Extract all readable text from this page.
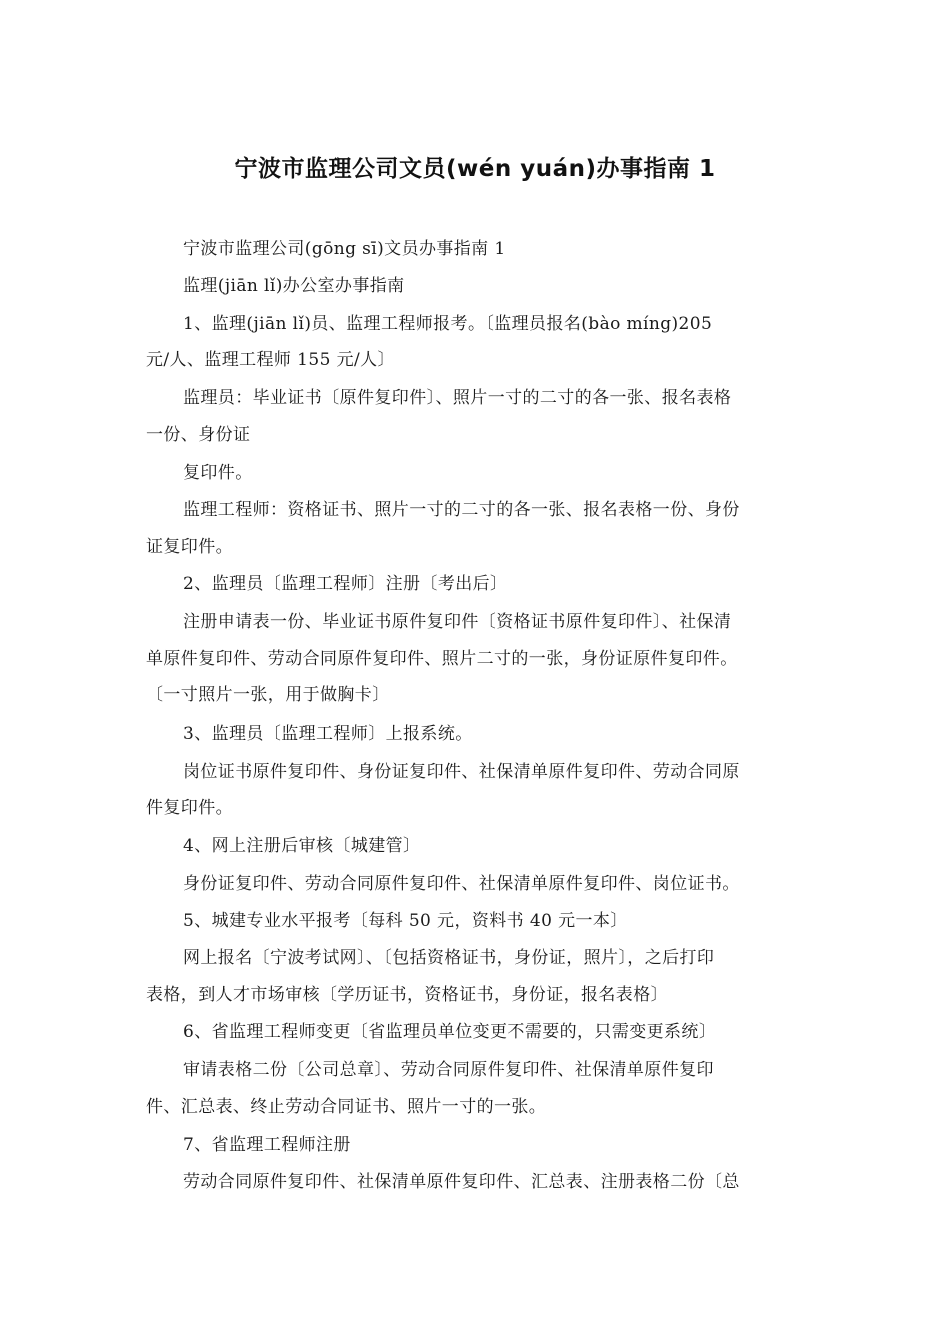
宁波市监理公司文员(wén yuán)办事指南 1
宁波市监理公司(gōng sī)文员办事指南 1
监理(jiān lǐ)办公室办事指南
1、监理(jiān lǐ)员、监理工程师报考。〔监理员报名(bào míng)205
元/人、监理工程师 155 元/人〕
监理员：毕业证书〔原件复印件〕、照片一寸的二寸的各一张、报名表格
一份、身份证
复印件。
监理工程师：资格证书、照片一寸的二寸的各一张、报名表格一份、身份
证复印件。
2、监理员〔监理工程师〕注册〔考出后〕
注册申请表一份、毕业证书原件复印件〔资格证书原件复印件〕、社保清
单原件复印件、劳动合同原件复印件、照片二寸的一张，身份证原件复印件。
〔一寸照片一张，用于做胸卡〕
3、监理员〔监理工程师〕上报系统。
岗位证书原件复印件、身份证复印件、社保清单原件复印件、劳动合同原
件复印件。
4、网上注册后审核〔城建管〕
身份证复印件、劳动合同原件复印件、社保清单原件复印件、岗位证书。
5、城建专业水平报考〔每科 50 元，资料书 40 元一本〕
网上报名〔宁波考试网〕、〔包括资格证书，身份证，照片〕，之后打印
表格，到人才市场审核〔学历证书，资格证书，身份证，报名表格〕
6、省监理工程师变更〔省监理员单位变更不需要的，只需变更系统〕
审请表格二份〔公司总章〕、劳动合同原件复印件、社保清单原件复印
件、汇总表、终止劳动合同证书、照片一寸的一张。
7、省监理工程师注册
劳动合同原件复印件、社保清单原件复印件、汇总表、注册表格二份〔总
